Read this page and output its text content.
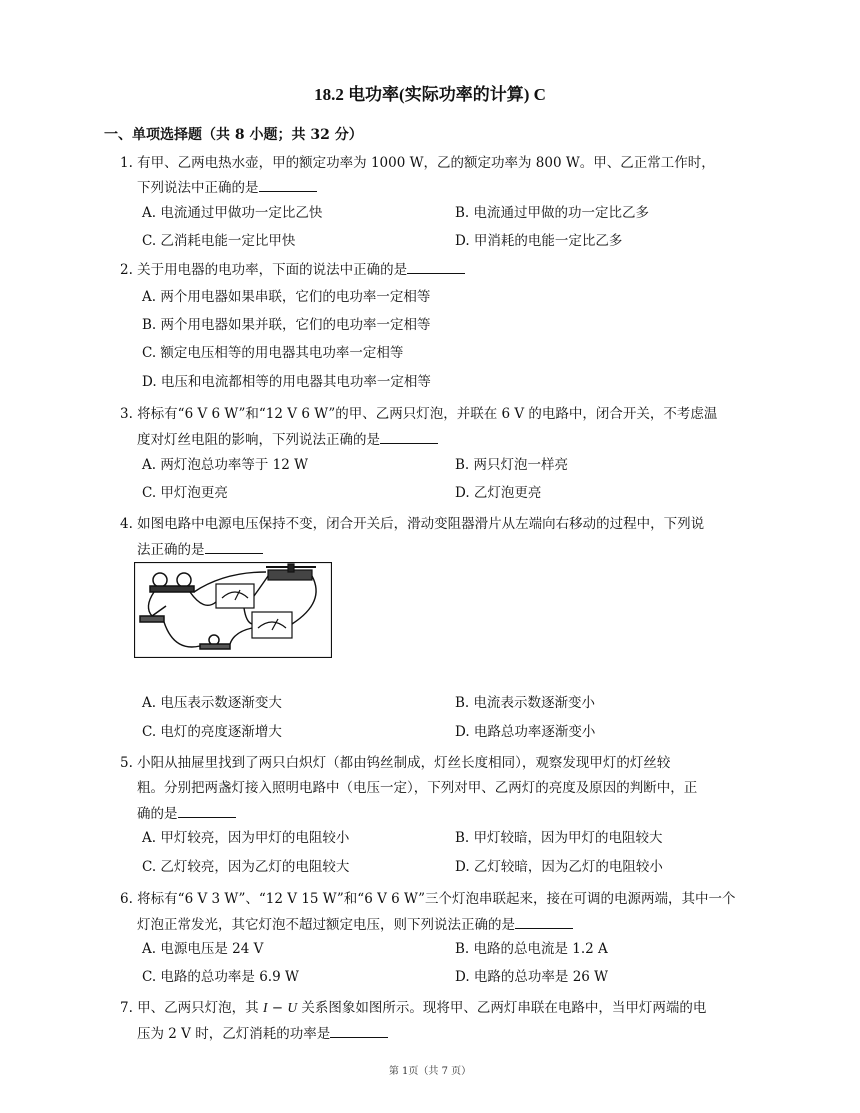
18.2 电功率(实际功率的计算) C
一、单项选择题（共 8 小题；共 32 分）
1. 有甲、乙两电热水壶，甲的额定功率为 1000 W，乙的额定功率为 800 W。甲、乙正常工作时，
下列说法中正确的是
A. 电流通过甲做功一定比乙快	B. 电流通过甲做的功一定比乙多
C. 乙消耗电能一定比甲快	D. 甲消耗的电能一定比乙多
2. 关于用电器的电功率，下面的说法中正确的是
A. 两个用电器如果串联，它们的电功率一定相等
B. 两个用电器如果并联，它们的电功率一定相等
C. 额定电压相等的用电器其电功率一定相等
D. 电压和电流都相等的用电器其电功率一定相等
3. 将标有“6 V 6 W”和“12 V 6 W”的甲、乙两只灯泡，并联在 6 V 的电路中，闭合开关，不考虑温
度对灯丝电阻的影响，下列说法正确的是
A. 两灯泡总功率等于 12 W	B. 两只灯泡一样亮
C. 甲灯泡更亮	D. 乙灯泡更亮
4. 如图电路中电源电压保持不变，闭合开关后，滑动变阻器滑片从左端向右移动的过程中，下列说
法正确的是
A. 电压表示数逐渐变大	B. 电流表示数逐渐变小
C. 电灯的亮度逐渐增大	D. 电路总功率逐渐变小
5. 小阳从抽屉里找到了两只白炽灯（都由钨丝制成，灯丝长度相同），观察发现甲灯的灯丝较
粗。分别把两盏灯接入照明电路中（电压一定），下列对甲、乙两灯的亮度及原因的判断中，正
确的是
A. 甲灯较亮，因为甲灯的电阻较小	B. 甲灯较暗，因为甲灯的电阻较大
C. 乙灯较亮，因为乙灯的电阻较大	D. 乙灯较暗，因为乙灯的电阻较小
6. 将标有“6 V 3 W”、“12 V 15 W”和“6 V 6 W”三个灯泡串联起来，接在可调的电源两端，其中一个
灯泡正常发光，其它灯泡不超过额定电压，则下列说法正确的是
A. 电源电压是 24 V	B. 电路的总电流是 1.2 A
C. 电路的总功率是 6.9 W	D. 电路的总功率是 26 W
7. 甲、乙两只灯泡，其 I − U 关系图象如图所示。现将甲、乙两灯串联在电路中，当甲灯两端的电
压为 2 V 时，乙灯消耗的功率是
第 1页（共 7 页）
